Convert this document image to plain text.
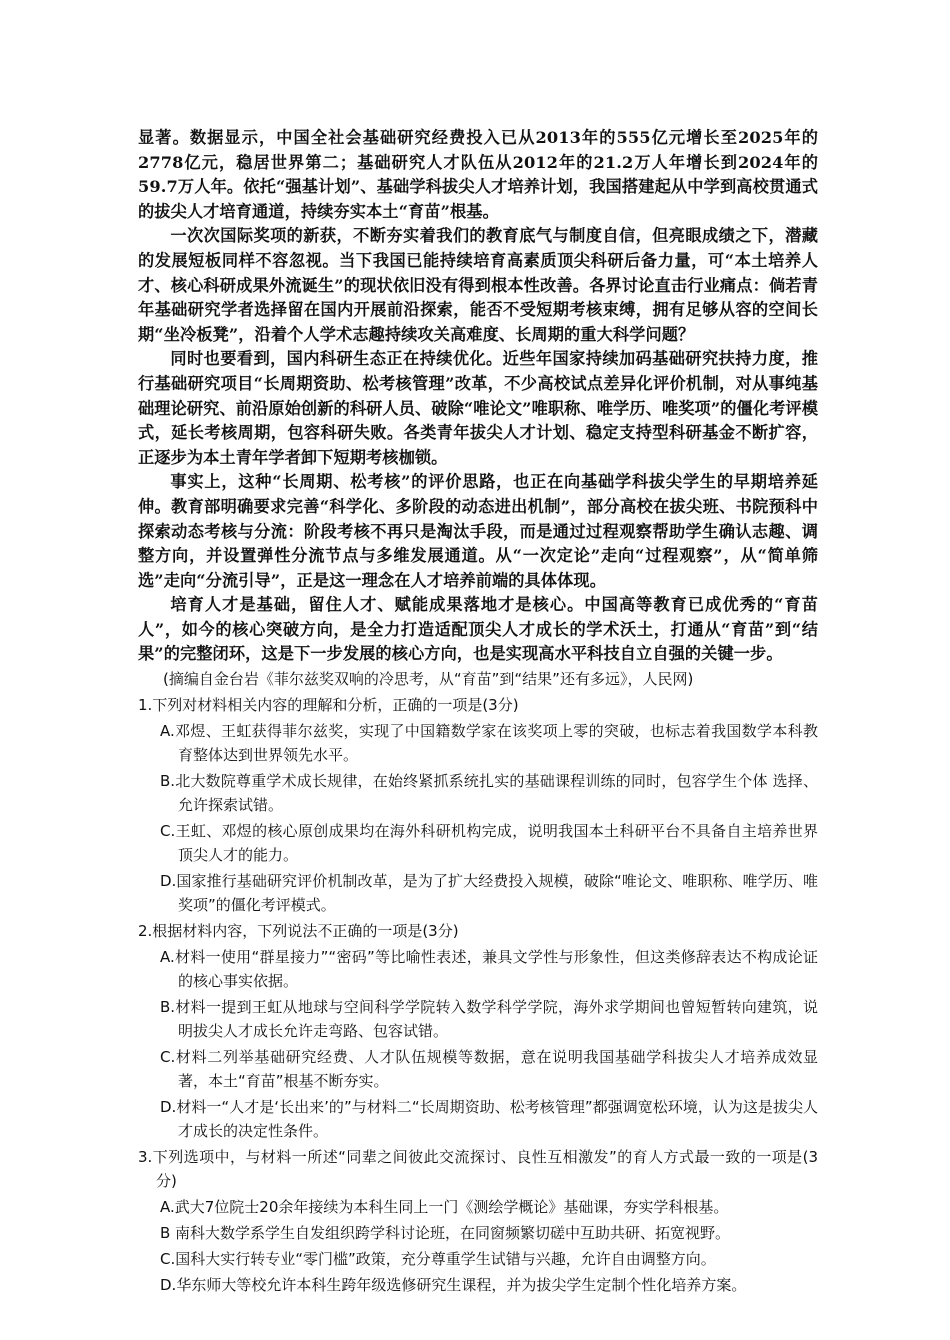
显著。数据显示，中国全社会基础研究经费投入已从2013年的555亿元增长至2025年的2778亿元，稳居世界第二；基础研究人才队伍从2012年的21.2万人年增长到2024年的59.7万人年。依托“强基计划”、基础学科拔尖人才培养计划，我国搭建起从中学到高校贯通式的拔尖人才培育通道，持续夯实本土“育苗”根基。

一次次国际奖项的新获，不断夯实着我们的教育底气与制度自信，但亮眼成绩之下，潜藏的发展短板同样不容忽视。当下我国已能持续培育高素质顶尖科研后备力量，可“本土培养人才、核心科研成果外流诞生”的现状依旧没有得到根本性改善。各界讨论直击行业痛点：倘若青年基础研究学者选择留在国内开展前沿探索，能否不受短期考核束缚，拥有足够从容的空间长期“坐冷板凳”，沿着个人学术志趣持续攻关高难度、长周期的重大科学问题？

同时也要看到，国内科研生态正在持续优化。近些年国家持续加码基础研究扶持力度，推行基础研究项目“长周期资助、松考核管理”改革，不少高校试点差异化评价机制，对从事纯基础理论研究、前沿原始创新的科研人员、破除“唯论文”唯职称、唯学历、唯奖项”的僵化考评模式，延长考核周期，包容科研失败。各类青年拔尖人才计划、稳定支持型科研基金不断扩容，正逐步为本土青年学者卸下短期考核枷锁。

事实上，这种“长周期、松考核”的评价思路，也正在向基础学科拔尖学生的早期培养延伸。教育部明确要求完善“科学化、多阶段的动态进出机制”，部分高校在拔尖班、书院预科中探索动态考核与分流：阶段考核不再只是淘汰手段，而是通过过程观察帮助学生确认志趣、调整方向，并设置弹性分流节点与多维发展通道。从“一次定论”走向“过程观察”，从“简单筛选”走向“分流引导”，正是这一理念在人才培养前端的具体体现。

培育人才是基础，留住人才、赋能成果落地才是核心。中国高等教育已成优秀的“育苗人”，如今的核心突破方向，是全力打造适配顶尖人才成长的学术沃土，打通从“育苗”到“结果”的完整闭环，这是下一步发展的核心方向，也是实现高水平科技自立自强的关键一步。

(摘编自金台岩《菲尔兹奖双响的冷思考，从“育苗”到“结果”还有多远》，人民网)

1.下列对材料相关内容的理解和分析，正确的一项是(3分)

A.邓煜、王虹获得菲尔兹奖，实现了中国籍数学家在该奖项上零的突破，也标志着我国数学本科教育整体达到世界领先水平。

B.北大数院尊重学术成长规律，在始终紧抓系统扎实的基础课程训练的同时，包容学生个体 选择、允许探索试错。

C.王虹、邓煜的核心原创成果均在海外科研机构完成，说明我国本土科研平台不具备自主培养世界顶尖人才的能力。

D.国家推行基础研究评价机制改革，是为了扩大经费投入规模，破除“唯论文、唯职称、唯学历、唯奖项”的僵化考评模式。

2.根据材料内容，下列说法不正确的一项是(3分)

A.材料一使用“群星接力”“密码”等比喻性表述，兼具文学性与形象性，但这类修辞表达不构成论证的核心事实依据。

B.材料一提到王虹从地球与空间科学学院转入数学科学学院，海外求学期间也曾短暂转向建筑，说明拔尖人才成长允许走弯路、包容试错。

C.材料二列举基础研究经费、人才队伍规模等数据，意在说明我国基础学科拔尖人才培养成效显著，本土“育苗”根基不断夯实。

D.材料一“人才是‘长出来’的”与材料二“长周期资助、松考核管理”都强调宽松环境，认为这是拔尖人才成长的决定性条件。

3.下列选项中，与材料一所述“同辈之间彼此交流探讨、良性互相激发”的育人方式最一致的一项是(3分)

A.武大7位院士20余年接续为本科生同上一门《测绘学概论》基础课，夯实学科根基。

B 南科大数学系学生自发组织跨学科讨论班，在同窗频繁切磋中互助共研、拓宽视野。

C.国科大实行转专业“零门槛”政策，充分尊重学生试错与兴趣，允许自由调整方向。

D.华东师大等校允许本科生跨年级选修研究生课程，并为拔尖学生定制个性化培养方案。
